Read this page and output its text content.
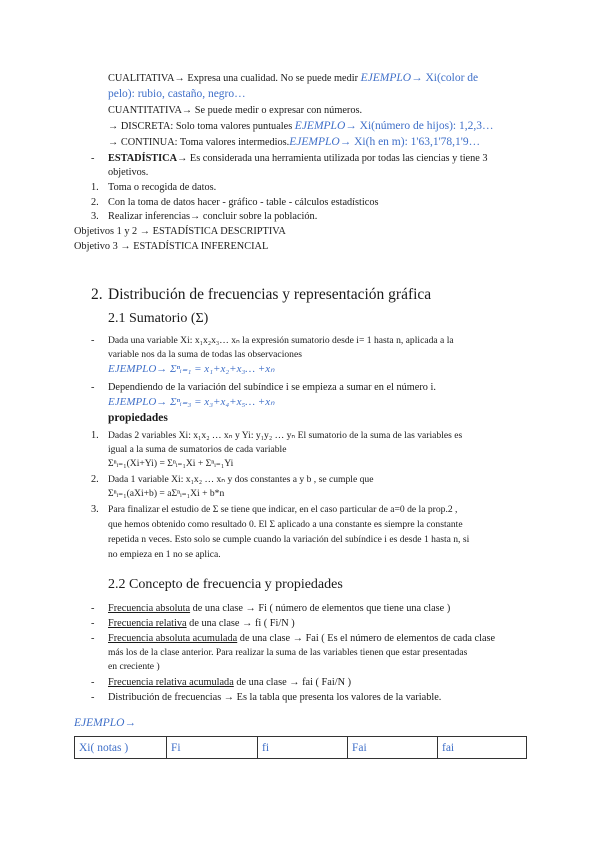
CUALITATIVA→ Expresa una cualidad. No se puede medir EJEMPLO→ Xi(color de
pelo): rubio, castaño, negro…
CUANTITATIVA→ Se puede medir o expresar con números.
→ DISCRETA: Solo toma valores puntuales EJEMPLO→ Xi(número de hijos): 1,2,3…
→ CONTINUA: Toma valores intermedios.EJEMPLO→ Xi(h en m): 1'63,1'78,1'9…
- ESTADÍSTICA→ Es considerada una herramienta utilizada por todas las ciencias y tiene 3
objetivos.
1. Toma o recogida de datos.
2. Con la toma de datos hacer - gráfico - table - cálculos estadísticos
3. Realizar inferencias→ concluir sobre la población.
Objetivos 1 y 2 → ESTADÍSTICA DESCRIPTIVA
Objetivo 3 → ESTADÍSTICA INFERENCIAL
2. Distribución de frecuencias y representación gráfica
2.1 Sumatorio (Σ)
- Dada una variable Xi: x₁x₂x₃… xₙ la expresión sumatorio desde i= 1 hasta n, aplicada a la
variable nos da la suma de todas las observaciones
EJEMPLO→ Σⁿᵢ₌₁ = x₁+x₂+x₃… +xₙ
- Dependiendo de la variación del subíndice i se empieza a sumar en el número i.
EJEMPLO→ Σⁿᵢ₌₃ = x₃+x₄+x₅… +xₙ
propiedades
1. Dadas 2 variables Xi: x₁x₂ … xₙ y Yi: y₁y₂ … yₙ El sumatorio de la suma de las variables es
igual a la suma de sumatorios de cada variable
Σⁿᵢ₌₁(Xi+Yi) = Σⁿᵢ₌₁Xi + Σⁿᵢ₌₁Yi
2. Dada 1 variable Xi: x₁x₂ … xₙ y dos constantes a y b , se cumple que
Σⁿᵢ₌₁(aXi+b) = aΣⁿᵢ₌₁Xi + b*n
3. Para finalizar el estudio de Σ se tiene que indicar, en el caso particular de a=0 de la prop.2 ,
que hemos obtenido como resultado 0. El Σ aplicado a una constante es siempre la constante
repetida n veces. Esto solo se cumple cuando la variación del subíndice i es desde 1 hasta n, si
no empieza en 1 no se aplica.
2.2 Concepto de frecuencia y propiedades
- Frecuencia absoluta de una clase → Fi ( número de elementos que tiene una clase )
- Frecuencia relativa de una clase → fi ( Fi/N )
- Frecuencia absoluta acumulada de una clase → Fai ( Es el número de elementos de cada clase
más los de la clase anterior. Para realizar la suma de las variables tienen que estar presentadas
en creciente )
- Frecuencia relativa acumulada de una clase → fai ( Fai/N )
- Distribución de frecuencias → Es la tabla que presenta los valores de la variable.
EJEMPLO→
Xi( notas )	Fi	fi	Fai	fai
